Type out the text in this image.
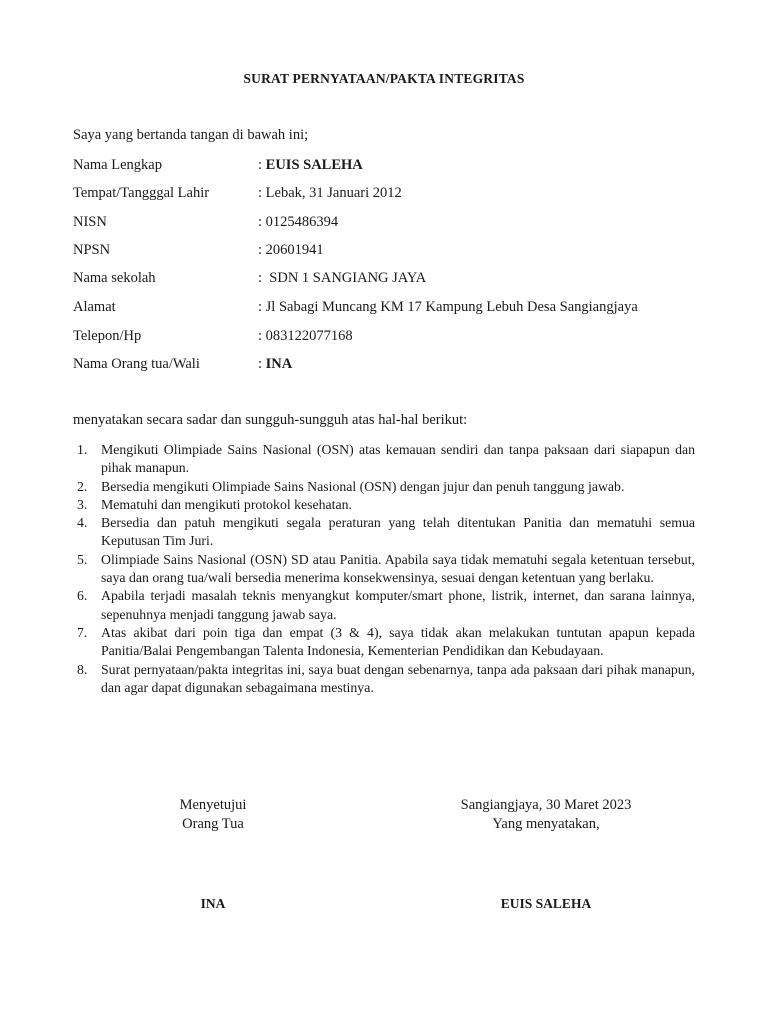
SURAT PERNYATAAN/PAKTA INTEGRITAS
Saya yang bertanda tangan di bawah ini;
Nama Lengkap	: EUIS SALEHA
Tempat/Tangggal Lahir	: Lebak, 31 Januari 2012
NISN	: 0125486394
NPSN	: 20601941
Nama sekolah	:  SDN 1 SANGIANG JAYA
Alamat	: Jl Sabagi Muncang KM 17 Kampung Lebuh Desa Sangiangjaya
Telepon/Hp	: 083122077168
Nama Orang tua/Wali	: INA
menyatakan secara sadar dan sungguh-sungguh atas hal-hal berikut:
1. Mengikuti Olimpiade Sains Nasional (OSN) atas kemauan sendiri dan tanpa paksaan dari siapapun dan pihak manapun.
2. Bersedia mengikuti Olimpiade Sains Nasional (OSN) dengan jujur dan penuh tanggung jawab.
3. Mematuhi dan mengikuti protokol kesehatan.
4. Bersedia dan patuh mengikuti segala peraturan yang telah ditentukan Panitia dan mematuhi semua Keputusan Tim Juri.
5. Olimpiade Sains Nasional (OSN) SD atau Panitia. Apabila saya tidak mematuhi segala ketentuan tersebut, saya dan orang tua/wali bersedia menerima konsekwensinya, sesuai dengan ketentuan yang berlaku.
6. Apabila terjadi masalah teknis menyangkut komputer/smart phone, listrik, internet, dan sarana lainnya, sepenuhnya menjadi tanggung jawab saya.
7. Atas akibat dari poin tiga dan empat (3 & 4), saya tidak akan melakukan tuntutan apapun kepada Panitia/Balai Pengembangan Talenta Indonesia, Kementerian Pendidikan dan Kebudayaan.
8. Surat pernyataan/pakta integritas ini, saya buat dengan sebenarnya, tanpa ada paksaan dari pihak manapun, dan agar dapat digunakan sebagaimana mestinya.
Menyetujui
Orang Tua
Sangiangjaya, 30 Maret 2023
Yang menyatakan,
INA	EUIS SALEHA
